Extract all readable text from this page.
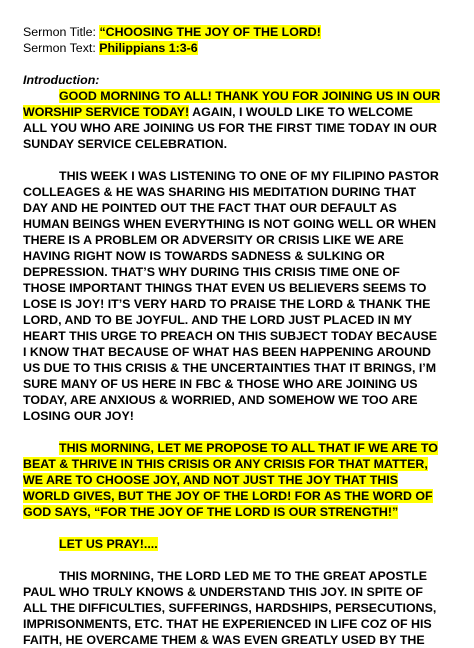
Sermon Title: “CHOOSING THE JOY OF THE LORD!
Sermon Text: Philippians 1:3-6
Introduction:
GOOD MORNING TO ALL! THANK YOU FOR JOINING US IN OUR
WORSHIP SERVICE TODAY! AGAIN, I WOULD LIKE TO WELCOME
ALL YOU WHO ARE JOINING US FOR THE FIRST TIME TODAY IN OUR
SUNDAY SERVICE CELEBRATION.
THIS WEEK I WAS LISTENING TO ONE OF MY FILIPINO PASTOR
COLLEAGES & HE WAS SHARING HIS MEDITATION DURING THAT
DAY AND HE POINTED OUT THE FACT THAT OUR DEFAULT AS
HUMAN BEINGS WHEN EVERYTHING IS NOT GOING WELL OR WHEN
THERE IS A PROBLEM OR ADVERSITY OR CRISIS LIKE WE ARE
HAVING RIGHT NOW IS TOWARDS SADNESS & SULKING OR
DEPRESSION. THAT’S WHY DURING THIS CRISIS TIME ONE OF
THOSE IMPORTANT THINGS THAT EVEN US BELIEVERS SEEMS TO
LOSE IS JOY! IT’S VERY HARD TO PRAISE THE LORD & THANK THE
LORD, AND TO BE JOYFUL. AND THE LORD JUST PLACED IN MY
HEART THIS URGE TO PREACH ON THIS SUBJECT TODAY BECAUSE
I KNOW THAT BECAUSE OF WHAT HAS BEEN HAPPENING AROUND
US DUE TO THIS CRISIS & THE UNCERTAINTIES THAT IT BRINGS, I’M
SURE MANY OF US HERE IN FBC & THOSE WHO ARE JOINING US
TODAY, ARE ANXIOUS & WORRIED, AND SOMEHOW WE TOO ARE
LOSING OUR JOY!
THIS MORNING, LET ME PROPOSE TO ALL THAT IF WE ARE TO
BEAT & THRIVE IN THIS CRISIS OR ANY CRISIS FOR THAT MATTER,
WE ARE TO CHOOSE JOY, AND NOT JUST THE JOY THAT THIS
WORLD GIVES, BUT THE JOY OF THE LORD! FOR AS THE WORD OF
GOD SAYS, “FOR THE JOY OF THE LORD IS OUR STRENGTH!”
LET US PRAY!....
THIS MORNING, THE LORD LED ME TO THE GREAT APOSTLE
PAUL WHO TRULY KNOWS & UNDERSTAND THIS JOY. IN SPITE OF
ALL THE DIFFICULTIES, SUFFERINGS, HARDSHIPS, PERSECUTIONS,
IMPRISONMENTS, ETC. THAT HE EXPERIENCED IN LIFE COZ OF HIS
FAITH, HE OVERCAME THEM & WAS EVEN GREATLY USED BY THE
